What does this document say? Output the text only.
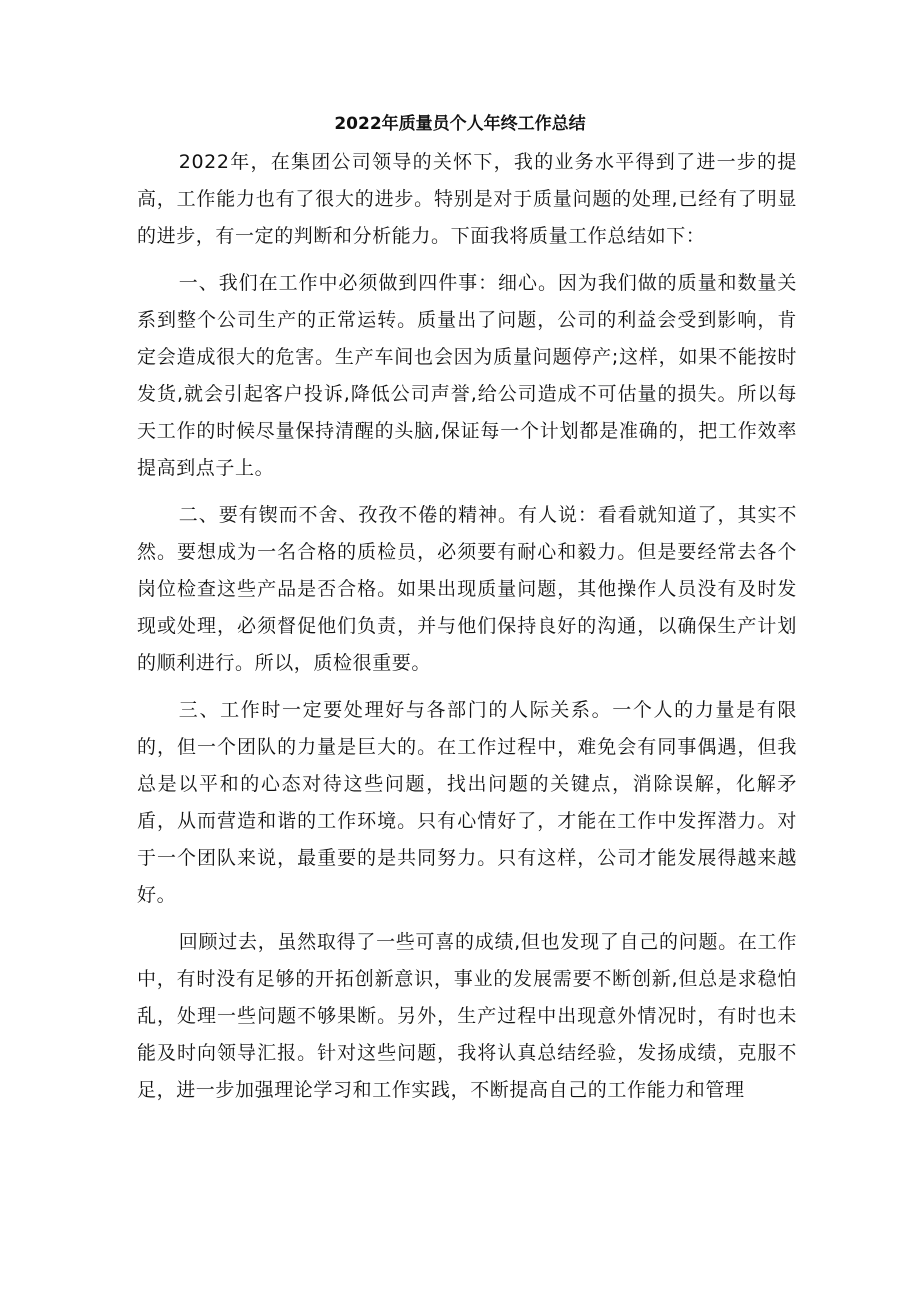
2022年质量员个人年终工作总结

2022年，在集团公司领导的关怀下，我的业务水平得到了进一步的提高，工作能力也有了很大的进步。特别是对于质量问题的处理,已经有了明显的进步，有一定的判断和分析能力。下面我将质量工作总结如下：

一、我们在工作中必须做到四件事：细心。因为我们做的质量和数量关系到整个公司生产的正常运转。质量出了问题，公司的利益会受到影响，肯定会造成很大的危害。生产车间也会因为质量问题停产;这样，如果不能按时发货,就会引起客户投诉,降低公司声誉,给公司造成不可估量的损失。所以每天工作的时候尽量保持清醒的头脑,保证每一个计划都是准确的，把工作效率提高到点子上。

二、要有锲而不舍、孜孜不倦的精神。有人说：看看就知道了，其实不然。要想成为一名合格的质检员，必须要有耐心和毅力。但是要经常去各个岗位检查这些产品是否合格。如果出现质量问题，其他操作人员没有及时发现或处理，必须督促他们负责，并与他们保持良好的沟通，以确保生产计划的顺利进行。所以，质检很重要。

三、工作时一定要处理好与各部门的人际关系。一个人的力量是有限的，但一个团队的力量是巨大的。在工作过程中，难免会有同事偶遇，但我总是以平和的心态对待这些问题，找出问题的关键点，消除误解，化解矛盾，从而营造和谐的工作环境。只有心情好了，才能在工作中发挥潜力。对于一个团队来说，最重要的是共同努力。只有这样，公司才能发展得越来越好。

回顾过去，虽然取得了一些可喜的成绩,但也发现了自己的问题。在工作中，有时没有足够的开拓创新意识，事业的发展需要不断创新,但总是求稳怕乱，处理一些问题不够果断。另外，生产过程中出现意外情况时，有时也未能及时向领导汇报。针对这些问题，我将认真总结经验，发扬成绩，克服不足，进一步加强理论学习和工作实践，不断提高自己的工作能力和管理
